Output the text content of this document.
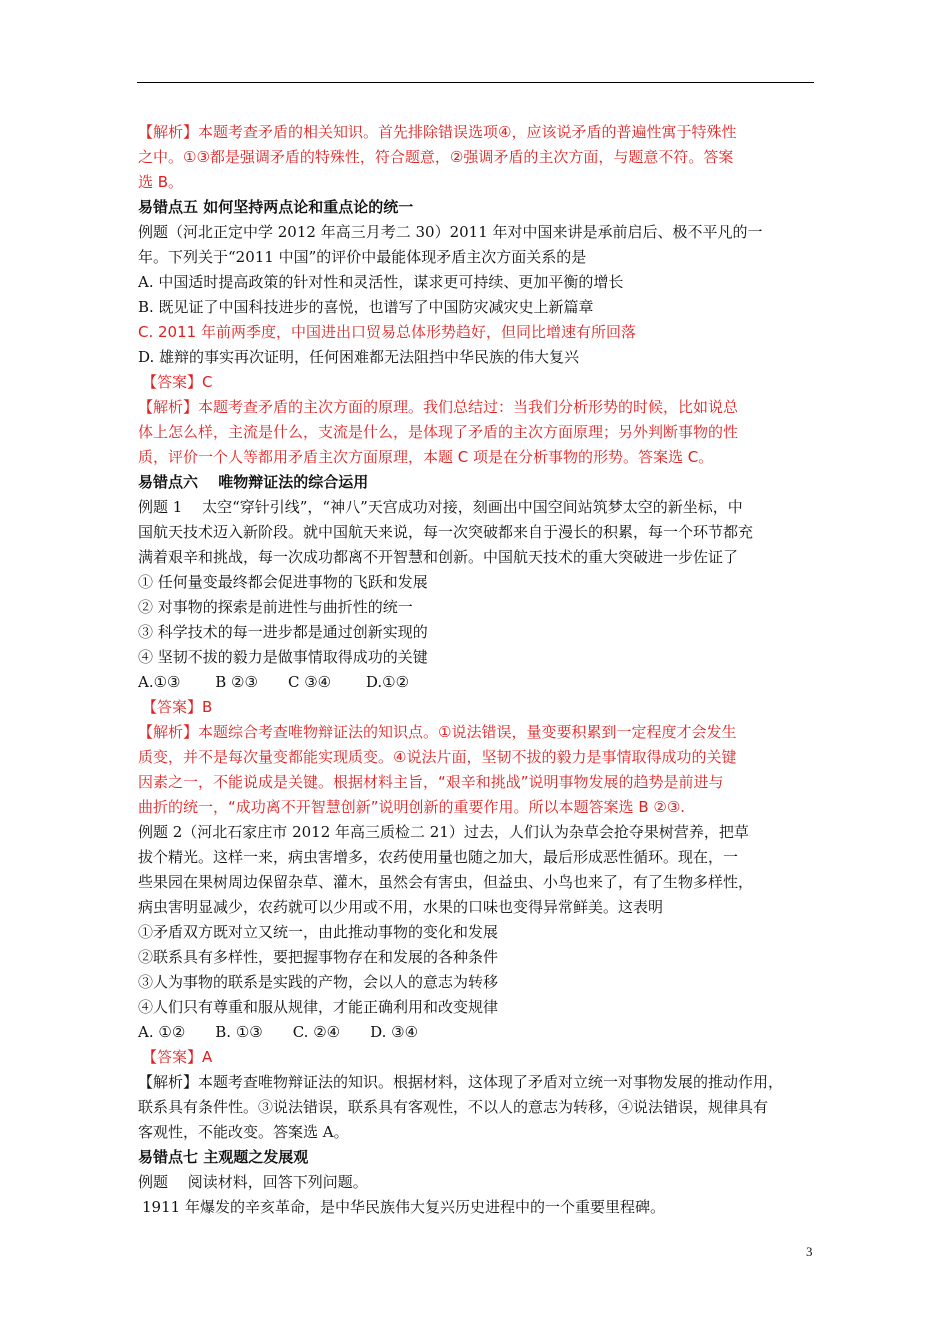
【解析】本题考查矛盾的相关知识。首先排除错误选项④，应该说矛盾的普遍性寓于特殊性
之中。①③都是强调矛盾的特殊性，符合题意，②强调矛盾的主次方面，与题意不符。答案
选 B。
易错点五 如何坚持两点论和重点论的统一
例题（河北正定中学 2012 年高三月考二 30）2011 年对中国来讲是承前启后、极不平凡的一
年。下列关于“2011 中国”的评价中最能体现矛盾主次方面关系的是
A. 中国适时提高政策的针对性和灵活性，谋求更可持续、更加平衡的增长
B. 既见证了中国科技进步的喜悦，也谱写了中国防灾减灾史上新篇章
C. 2011 年前两季度，中国进出口贸易总体形势趋好，但同比增速有所回落
D. 雄辩的事实再次证明，任何困难都无法阻挡中华民族的伟大复兴
【答案】C
【解析】本题考查矛盾的主次方面的原理。我们总结过：当我们分析形势的时候，比如说总
体上怎么样，主流是什么，支流是什么，是体现了矛盾的主次方面原理；另外判断事物的性
质，评价一个人等都用矛盾主次方面原理，本题 C 项是在分析事物的形势。答案选 C。
易错点六　 唯物辩证法的综合运用
例题 1　 太空“穿针引线”，“神八”天宫成功对接，刻画出中国空间站筑梦太空的新坐标，中
国航天技术迈入新阶段。就中国航天来说，每一次突破都来自于漫长的积累，每一个环节都充
满着艰辛和挑战，每一次成功都离不开智慧和创新。中国航天技术的重大突破进一步佐证了
① 任何量变最终都会促进事物的飞跃和发展
② 对事物的探索是前进性与曲折性的统一
③ 科学技术的每一进步都是通过创新实现的
④ 坚韧不拔的毅力是做事情取得成功的关键
A.①③　　 B ②③　　C ③④　　 D.①②
【答案】B
【解析】本题综合考查唯物辩证法的知识点。①说法错误，量变要积累到一定程度才会发生
质变，并不是每次量变都能实现质变。④说法片面，坚韧不拔的毅力是事情取得成功的关键
因素之一，不能说成是关键。根据材料主旨，“艰辛和挑战”说明事物发展的趋势是前进与
曲折的统一，“成功离不开智慧创新”说明创新的重要作用。所以本题答案选 B ②③.
例题 2（河北石家庄市 2012 年高三质检二 21）过去，人们认为杂草会抢夺果树营养，把草
拔个精光。这样一来，病虫害增多，农药使用量也随之加大，最后形成恶性循环。现在，一
些果园在果树周边保留杂草、灌木，虽然会有害虫，但益虫、小鸟也来了，有了生物多样性，
病虫害明显减少，农药就可以少用或不用，水果的口味也变得异常鲜美。这表明
①矛盾双方既对立又统一，由此推动事物的变化和发展
②联系具有多样性，要把握事物存在和发展的各种条件
③人为事物的联系是实践的产物，会以人的意志为转移
④人们只有尊重和服从规律，才能正确利用和改变规律
A. ①②　　B. ①③　　C. ②④　　D. ③④
【答案】A
【解析】本题考查唯物辩证法的知识。根据材料，这体现了矛盾对立统一对事物发展的推动作用，
联系具有条件性。③说法错误，联系具有客观性，不以人的意志为转移，④说法错误，规律具有
客观性，不能改变。答案选 A。
易错点七 主观题之发展观
例题　 阅读材料，回答下列问题。
1911 年爆发的辛亥革命，是中华民族伟大复兴历史进程中的一个重要里程碑。
3
